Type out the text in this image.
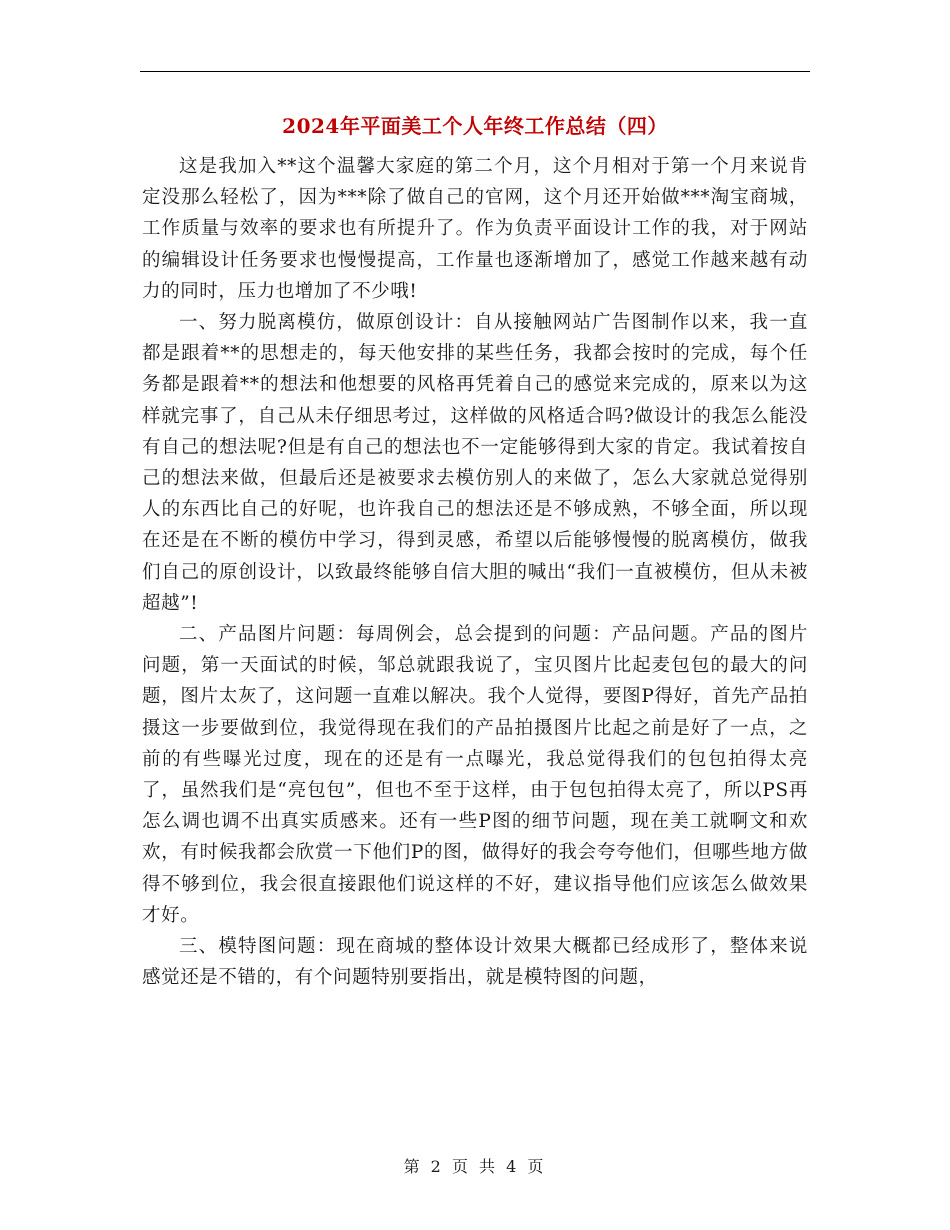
2024年平面美工个人年终工作总结（四）

这是我加入**这个温馨大家庭的第二个月，这个月相对于第一个月来说肯定没那么轻松了，因为***除了做自己的官网，这个月还开始做***淘宝商城，工作质量与效率的要求也有所提升了。作为负责平面设计工作的我，对于网站的编辑设计任务要求也慢慢提高，工作量也逐渐增加了，感觉工作越来越有动力的同时，压力也增加了不少哦!

一、努力脱离模仿，做原创设计：自从接触网站广告图制作以来，我一直都是跟着**的思想走的，每天他安排的某些任务，我都会按时的完成，每个任务都是跟着**的想法和他想要的风格再凭着自己的感觉来完成的，原来以为这样就完事了，自己从未仔细思考过，这样做的风格适合吗?做设计的我怎么能没有自己的想法呢?但是有自己的想法也不一定能够得到大家的肯定。我试着按自己的想法来做，但最后还是被要求去模仿别人的来做了，怎么大家就总觉得别人的东西比自己的好呢，也许我自己的想法还是不够成熟，不够全面，所以现在还是在不断的模仿中学习，得到灵感，希望以后能够慢慢的脱离模仿，做我们自己的原创设计，以致最终能够自信大胆的喊出“我们一直被模仿，但从未被超越”!

二、产品图片问题：每周例会，总会提到的问题：产品问题。产品的图片问题，第一天面试的时候，邹总就跟我说了，宝贝图片比起麦包包的最大的问题，图片太灰了，这问题一直难以解决。我个人觉得，要图P得好，首先产品拍摄这一步要做到位，我觉得现在我们的产品拍摄图片比起之前是好了一点，之前的有些曝光过度，现在的还是有一点曝光，我总觉得我们的包包拍得太亮了，虽然我们是“亮包包”，但也不至于这样，由于包包拍得太亮了，所以PS再怎么调也调不出真实质感来。还有一些P图的细节问题，现在美工就啊文和欢欢，有时候我都会欣赏一下他们P的图，做得好的我会夸夸他们，但哪些地方做得不够到位，我会很直接跟他们说这样的不好，建议指导他们应该怎么做效果才好。

三、模特图问题：现在商城的整体设计效果大概都已经成形了，整体来说感觉还是不错的，有个问题特别要指出，就是模特图的问题，

第 2 页 共 4 页
